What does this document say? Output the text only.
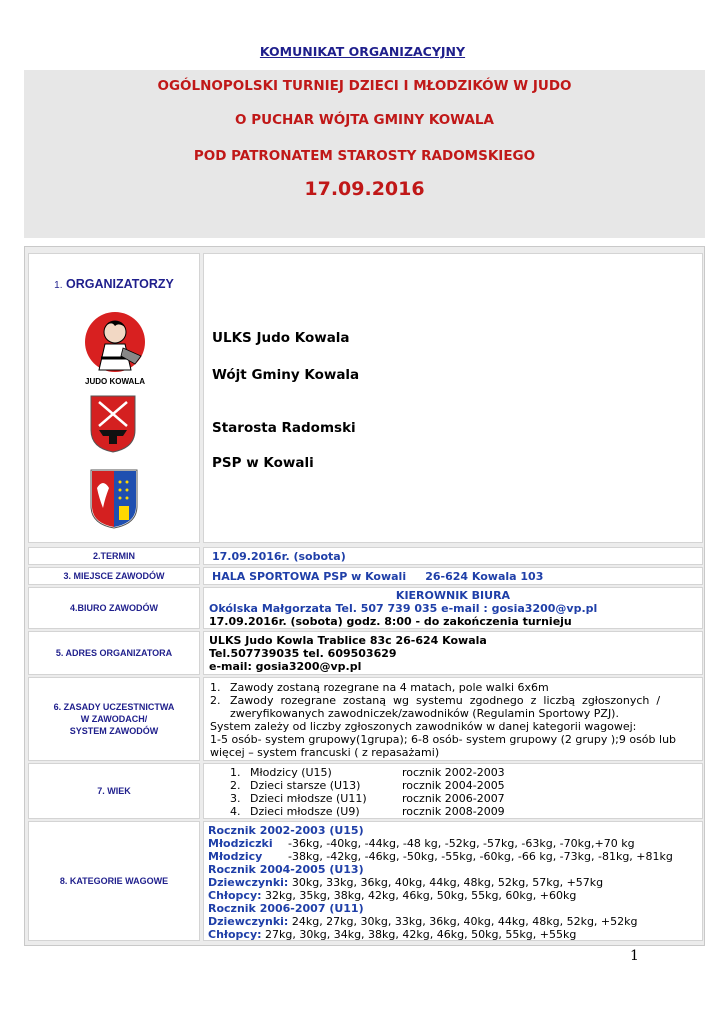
KOMUNIKAT ORGANIZACYJNY
OGÓLNOPOLSKI TURNIEJ DZIECI I MŁODZIKÓW W JUDO
O PUCHAR WÓJTA GMINY KOWALA
POD PATRONATEM STAROSTY RADOMSKIEGO
17.09.2016
1. ORGANIZATORZY
JUDO KOWALA
ULKS Judo Kowala
Wójt Gminy Kowala
Starosta Radomski
PSP w Kowali
2.TERMIN	17.09.2016r. (sobota)
3. MIEJSCE ZAWODÓW	HALA SPORTOWA PSP w Kowali     26-624 Kowala 103
4.BIURO ZAWODÓW
KIEROWNIK BIURA
Okólska Małgorzata Tel. 507 739 035 e-mail : gosia3200@vp.pl
17.09.2016r. (sobota) godz. 8:00 - do zakończenia turnieju
5. ADRES ORGANIZATORA
ULKS Judo Kowla Trablice 83c 26-624 Kowala
Tel.507739035 tel. 609503629
e-mail: gosia3200@vp.pl
6. ZASADY UCZESTNICTWA
W ZAWODACH/
SYSTEM ZAWODÓW
1. Zawody zostaną rozegrane na 4 matach, pole walki 6x6m
2. Zawody  rozegrane  zostaną  wg  systemu  zgodnego  z  liczbą  zgłoszonych  /
zweryfikowanych zawodniczek/zawodników (Regulamin Sportowy PZJ).
System zależy od liczby zgłoszonych zawodników w danej kategorii wagowej:
1-5 osób- system grupowy(1grupa); 6-8 osób- system grupowy (2 grupy );9 osób lub
więcej – system francuski ( z repasażami)
7. WIEK
1. Młodzicy (U15)	rocznik 2002-2003
2. Dzieci starsze (U13)	rocznik 2004-2005
3. Dzieci młodsze (U11)	rocznik 2006-2007
4. Dzieci młodsze (U9)	rocznik 2008-2009
8. KATEGORIE WAGOWE
Rocznik 2002-2003 (U15)
Młodziczki -36kg, -40kg, -44kg, -48 kg, -52kg, -57kg, -63kg, -70kg,+70 kg
Młodzicy -38kg, -42kg, -46kg, -50kg, -55kg, -60kg, -66 kg, -73kg, -81kg, +81kg
Rocznik 2004-2005 (U13)
Dziewczynki: 30kg, 33kg, 36kg, 40kg, 44kg, 48kg, 52kg, 57kg, +57kg
Chłopcy: 32kg, 35kg, 38kg, 42kg, 46kg, 50kg, 55kg, 60kg, +60kg
Rocznik 2006-2007 (U11)
Dziewczynki: 24kg, 27kg, 30kg, 33kg, 36kg, 40kg, 44kg, 48kg, 52kg, +52kg
Chłopcy: 27kg, 30kg, 34kg, 38kg, 42kg, 46kg, 50kg, 55kg, +55kg
1
